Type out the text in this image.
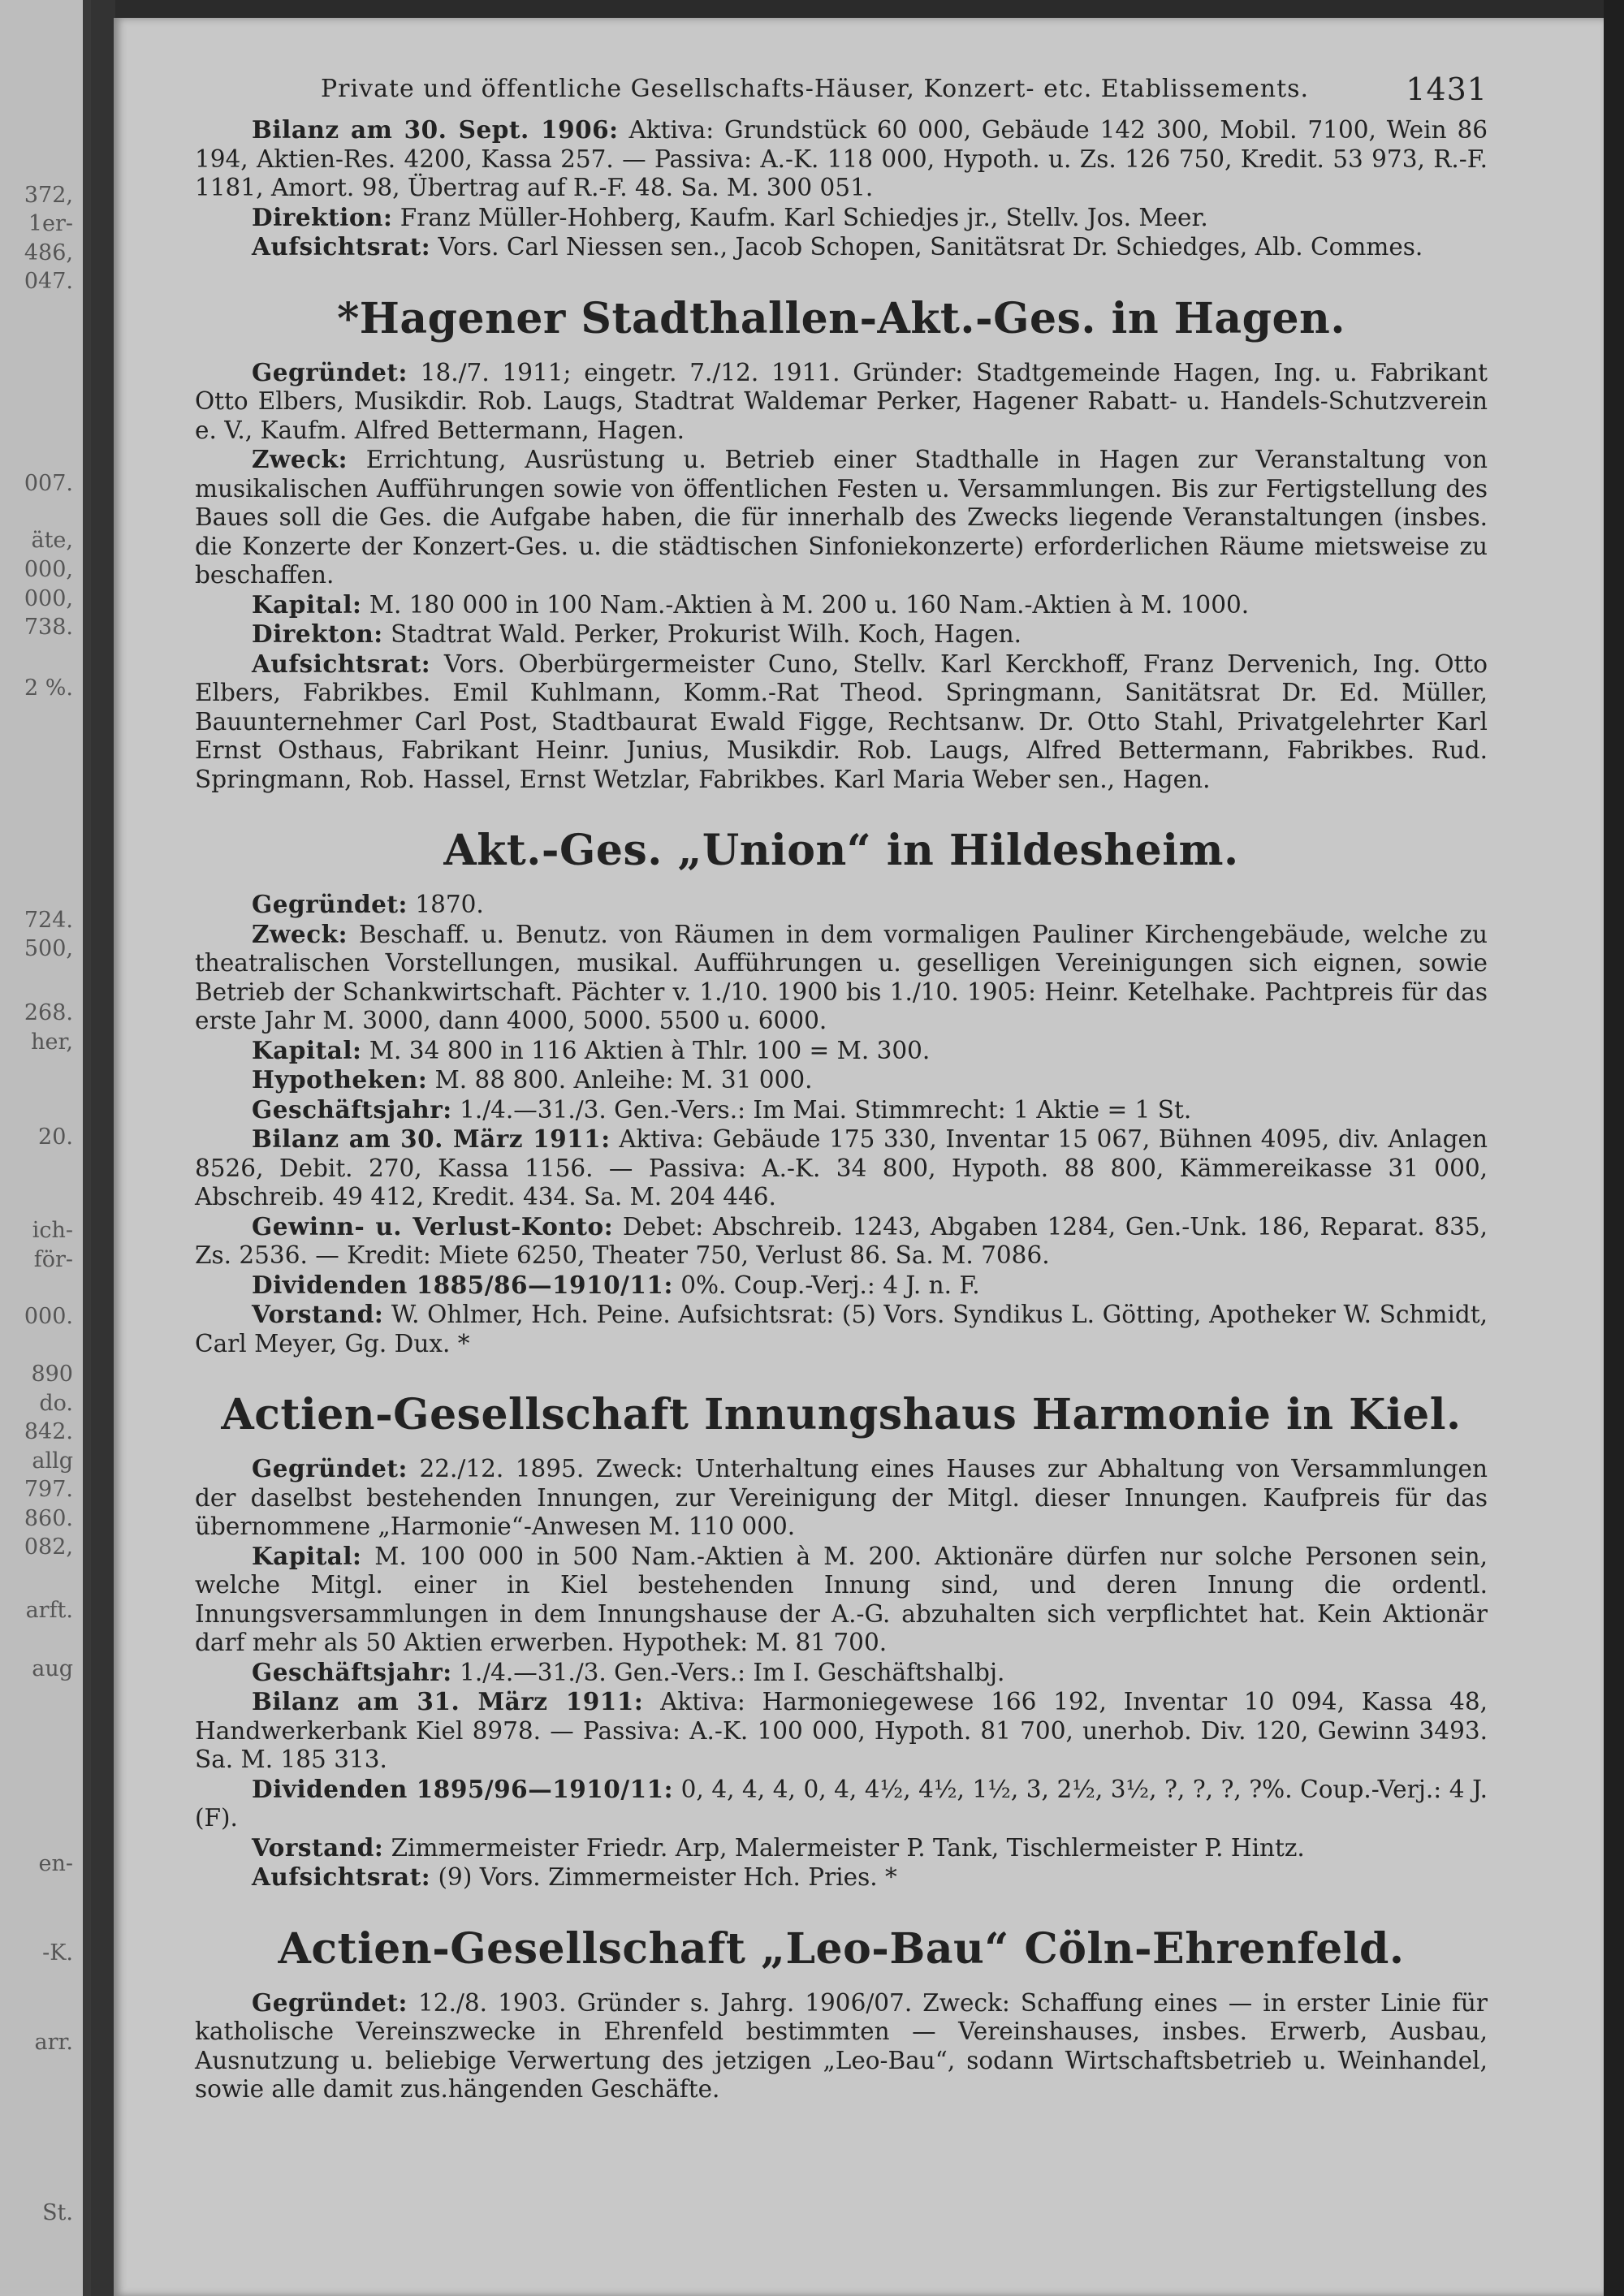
372,
1er-
486,
047.
007.
äte,
000,
000,
738.
2 %.
724.
500,
268.
her,
20.
ich-
för-
000.
890
do.
842.
allg
797.
860.
082,
arft.
aug
en-
-K.
arr.
St.
Private und öffentliche Gesellschafts-Häuser, Konzert- etc. Etablissements.	1431

Bilanz am 30. Sept. 1906: Aktiva: Grundstück 60 000, Gebäude 142 300, Mobil. 7100, Wein 86 194, Aktien-Res. 4200, Kassa 257. — Passiva: A.-K. 118 000, Hypoth. u. Zs. 126 750, Kredit. 53 973, R.-F. 1181, Amort. 98, Übertrag auf R.-F. 48. Sa. M. 300 051.

Direktion: Franz Müller-Hohberg, Kaufm. Karl Schiedjes jr., Stellv. Jos. Meer.

Aufsichtsrat: Vors. Carl Niessen sen., Jacob Schopen, Sanitätsrat Dr. Schiedges, Alb. Commes.

*Hagener Stadthallen-Akt.-Ges. in Hagen.

Gegründet: 18./7. 1911; eingetr. 7./12. 1911. Gründer: Stadtgemeinde Hagen, Ing. u. Fabrikant Otto Elbers, Musikdir. Rob. Laugs, Stadtrat Waldemar Perker, Hagener Rabatt- u. Handels-Schutzverein e. V., Kaufm. Alfred Bettermann, Hagen.

Zweck: Errichtung, Ausrüstung u. Betrieb einer Stadthalle in Hagen zur Veranstaltung von musikalischen Aufführungen sowie von öffentlichen Festen u. Versammlungen. Bis zur Fertigstellung des Baues soll die Ges. die Aufgabe haben, die für innerhalb des Zwecks liegende Veranstaltungen (insbes. die Konzerte der Konzert-Ges. u. die städtischen Sinfoniekonzerte) erforderlichen Räume mietsweise zu beschaffen.

Kapital: M. 180 000 in 100 Nam.-Aktien à M. 200 u. 160 Nam.-Aktien à M. 1000.

Direkton: Stadtrat Wald. Perker, Prokurist Wilh. Koch, Hagen.

Aufsichtsrat: Vors. Oberbürgermeister Cuno, Stellv. Karl Kerckhoff, Franz Dervenich, Ing. Otto Elbers, Fabrikbes. Emil Kuhlmann, Komm.-Rat Theod. Springmann, Sanitätsrat Dr. Ed. Müller, Bauunternehmer Carl Post, Stadtbaurat Ewald Figge, Rechtsanw. Dr. Otto Stahl, Privatgelehrter Karl Ernst Osthaus, Fabrikant Heinr. Junius, Musikdir. Rob. Laugs, Alfred Bettermann, Fabrikbes. Rud. Springmann, Rob. Hassel, Ernst Wetzlar, Fabrikbes. Karl Maria Weber sen., Hagen.

Akt.-Ges. „Union“ in Hildesheim.

Gegründet: 1870.

Zweck: Beschaff. u. Benutz. von Räumen in dem vormaligen Pauliner Kirchengebäude, welche zu theatralischen Vorstellungen, musikal. Aufführungen u. geselligen Vereinigungen sich eignen, sowie Betrieb der Schankwirtschaft. Pächter v. 1./10. 1900 bis 1./10. 1905: Heinr. Ketelhake. Pachtpreis für das erste Jahr M. 3000, dann 4000, 5000. 5500 u. 6000.

Kapital: M. 34 800 in 116 Aktien à Thlr. 100 = M. 300.

Hypotheken: M. 88 800. Anleihe: M. 31 000.

Geschäftsjahr: 1./4.—31./3. Gen.-Vers.: Im Mai. Stimmrecht: 1 Aktie = 1 St.

Bilanz am 30. März 1911: Aktiva: Gebäude 175 330, Inventar 15 067, Bühnen 4095, div. Anlagen 8526, Debit. 270, Kassa 1156. — Passiva: A.-K. 34 800, Hypoth. 88 800, Kämmereikasse 31 000, Abschreib. 49 412, Kredit. 434. Sa. M. 204 446.

Gewinn- u. Verlust-Konto: Debet: Abschreib. 1243, Abgaben 1284, Gen.-Unk. 186, Reparat. 835, Zs. 2536. — Kredit: Miete 6250, Theater 750, Verlust 86. Sa. M. 7086.

Dividenden 1885/86—1910/11: 0%. Coup.-Verj.: 4 J. n. F.

Vorstand: W. Ohlmer, Hch. Peine. Aufsichtsrat: (5) Vors. Syndikus L. Götting, Apotheker W. Schmidt, Carl Meyer, Gg. Dux. *

Actien-Gesellschaft Innungshaus Harmonie in Kiel.

Gegründet: 22./12. 1895. Zweck: Unterhaltung eines Hauses zur Abhaltung von Versammlungen der daselbst bestehenden Innungen, zur Vereinigung der Mitgl. dieser Innungen. Kaufpreis für das übernommene „Harmonie“-Anwesen M. 110 000.

Kapital: M. 100 000 in 500 Nam.-Aktien à M. 200. Aktionäre dürfen nur solche Personen sein, welche Mitgl. einer in Kiel bestehenden Innung sind, und deren Innung die ordentl. Innungsversammlungen in dem Innungshause der A.-G. abzuhalten sich verpflichtet hat. Kein Aktionär darf mehr als 50 Aktien erwerben. Hypothek: M. 81 700.

Geschäftsjahr: 1./4.—31./3. Gen.-Vers.: Im I. Geschäftshalbj.

Bilanz am 31. März 1911: Aktiva: Harmoniegewese 166 192, Inventar 10 094, Kassa 48, Handwerkerbank Kiel 8978. — Passiva: A.-K. 100 000, Hypoth. 81 700, unerhob. Div. 120, Gewinn 3493. Sa. M. 185 313.

Dividenden 1895/96—1910/11: 0, 4, 4, 4, 0, 4, 4½, 4½, 1½, 3, 2½, 3½, ?, ?, ?, ?%. Coup.-Verj.: 4 J. (F).

Vorstand: Zimmermeister Friedr. Arp, Malermeister P. Tank, Tischlermeister P. Hintz.

Aufsichtsrat: (9) Vors. Zimmermeister Hch. Pries. *

Actien-Gesellschaft „Leo-Bau“ Cöln-Ehrenfeld.

Gegründet: 12./8. 1903. Gründer s. Jahrg. 1906/07. Zweck: Schaffung eines — in erster Linie für katholische Vereinszwecke in Ehrenfeld bestimmten — Vereinshauses, insbes. Erwerb, Ausbau, Ausnutzung u. beliebige Verwertung des jetzigen „Leo-Bau“, sodann Wirtschaftsbetrieb u. Weinhandel, sowie alle damit zus.hängenden Geschäfte.
